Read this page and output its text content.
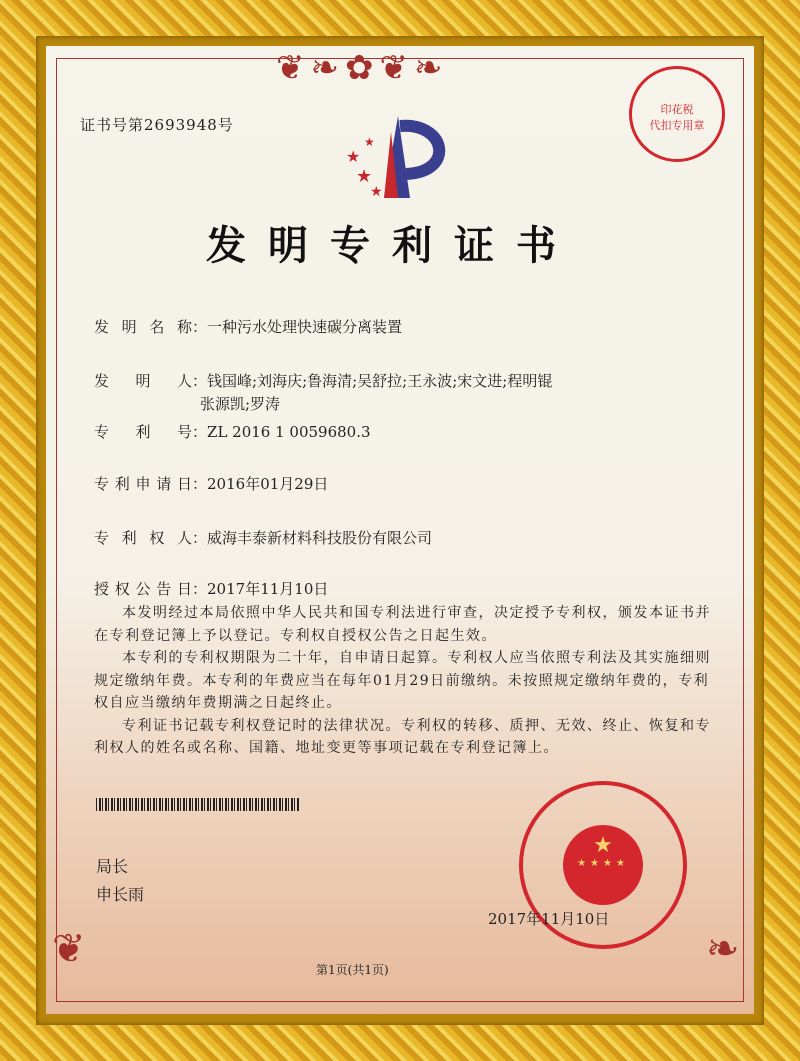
❦❧✿❦❧
❦	❧
证书号第2693948号
★
★
★
★
发明专利证书
发明名称：一种污水处理快速碳分离装置
发明人：钱国峰;刘海庆;鲁海清;吴舒拉;王永波;宋文进;程明锟
张源凯;罗涛
专利号：ZL 2016 1 0059680.3
专利申请日：2016年01月29日
专利权人：威海丰泰新材料科技股份有限公司
授权公告日：2017年11月10日

本发明经过本局依照中华人民共和国专利法进行审查，决定授予专利权，颁发本证书并在专利登记簿上予以登记。专利权自授权公告之日起生效。

本专利的专利权期限为二十年，自申请日起算。专利权人应当依照专利法及其实施细则规定缴纳年费。本专利的年费应当在每年01月29日前缴纳。未按照规定缴纳年费的，专利权自应当缴纳年费期满之日起终止。

专利证书记载专利权登记时的法律状况。专利权的转移、质押、无效、终止、恢复和专利权人的姓名或名称、国籍、地址变更等事项记载在专利登记簿上。

局长
申长雨
★
★★★★
2017年11月10日
印花税
代扣专用章
第1页(共1页)
